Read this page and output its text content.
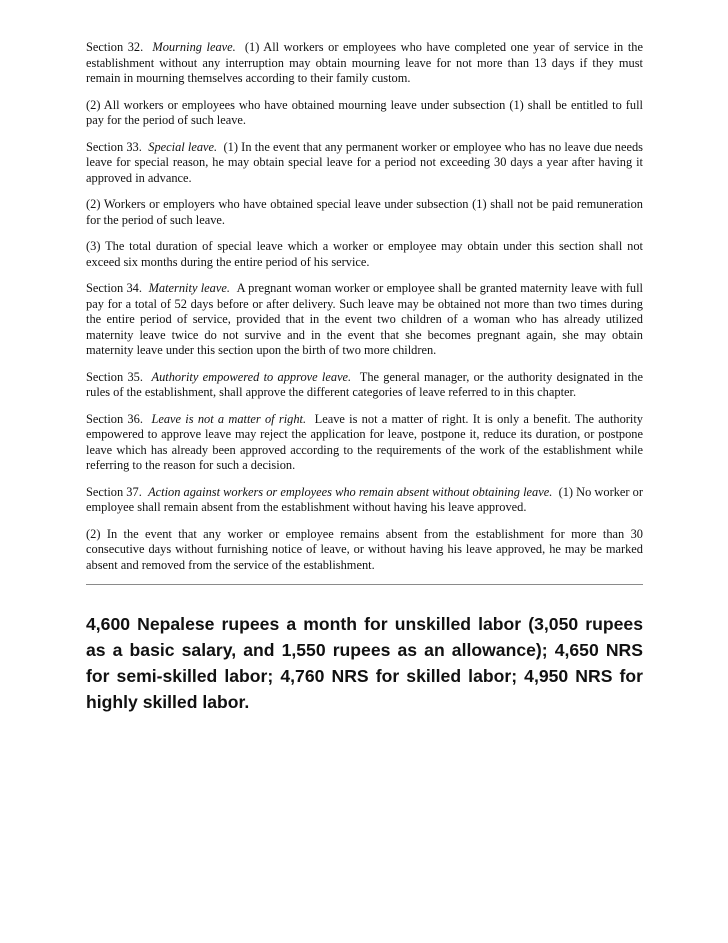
Section 32. Mourning leave. (1) All workers or employees who have completed one year of service in the establishment without any interruption may obtain mourning leave for not more than 13 days if they must remain in mourning themselves according to their family custom.

(2) All workers or employees who have obtained mourning leave under subsection (1) shall be entitled to full pay for the period of such leave.

Section 33. Special leave. (1) In the event that any permanent worker or employee who has no leave due needs leave for special reason, he may obtain special leave for a period not exceeding 30 days a year after having it approved in advance.

(2) Workers or employers who have obtained special leave under subsection (1) shall not be paid remuneration for the period of such leave.

(3) The total duration of special leave which a worker or employee may obtain under this section shall not exceed six months during the entire period of his service.

Section 34. Maternity leave. A pregnant woman worker or employee shall be granted maternity leave with full pay for a total of 52 days before or after delivery. Such leave may be obtained not more than two times during the entire period of service, provided that in the event two children of a woman who has already utilized maternity leave twice do not survive and in the event that she becomes pregnant again, she may obtain maternity leave under this section upon the birth of two more children.

Section 35. Authority empowered to approve leave. The general manager, or the authority designated in the rules of the establishment, shall approve the different categories of leave referred to in this chapter.

Section 36. Leave is not a matter of right. Leave is not a matter of right. It is only a benefit. The authority empowered to approve leave may reject the application for leave, postpone it, reduce its duration, or postpone leave which has already been approved according to the requirements of the work of the establishment while referring to the reason for such a decision.

Section 37. Action against workers or employees who remain absent without obtaining leave. (1) No worker or employee shall remain absent from the establishment without having his leave approved.

(2) In the event that any worker or employee remains absent from the establishment for more than 30 consecutive days without furnishing notice of leave, or without having his leave approved, he may be marked absent and removed from the service of the establishment.

4,600 Nepalese rupees a month for unskilled labor (3,050 rupees as a basic salary, and 1,550 rupees as an allowance); 4,650 NRS for semi-skilled labor; 4,760 NRS for skilled labor; 4,950 NRS for highly skilled labor.
